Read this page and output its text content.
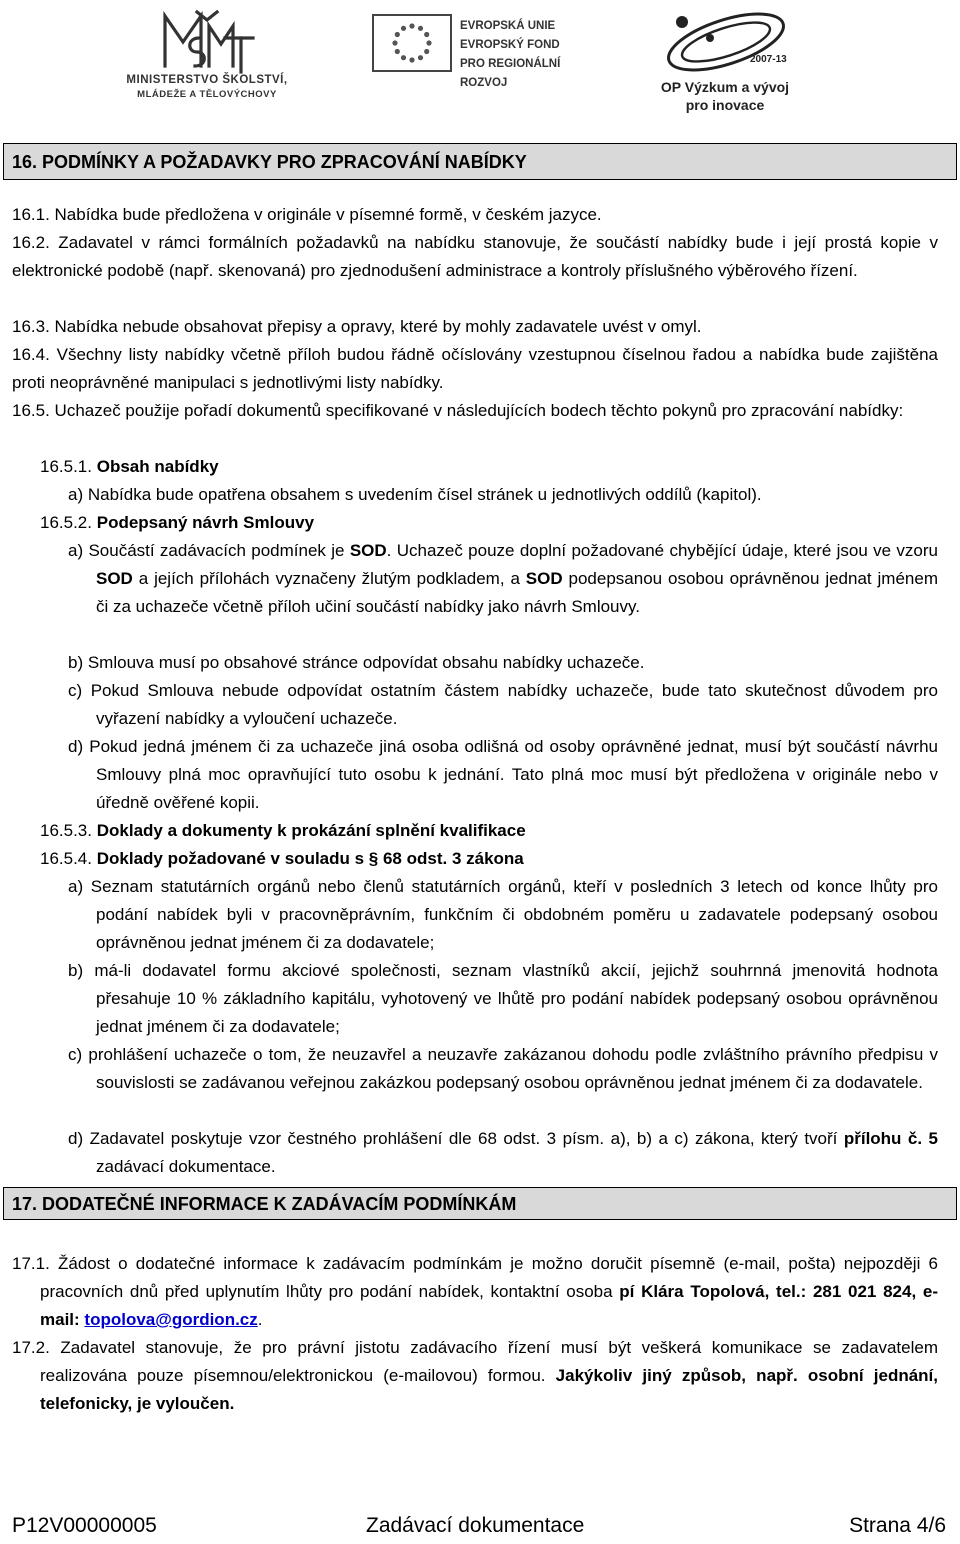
MINISTERSTVO ŠKOLSTVÍ,
MLÁDEŽE A TĚLOVÝCHOVY
EVROPSKÁ UNIE
EVROPSKÝ FOND
PRO REGIONÁLNÍ ROZVOJ
2007-13
OP Výzkum a vývoj
pro inovace
16. PODMÍNKY A POŽADAVKY PRO ZPRACOVÁNÍ NABÍDKY
16.1. Nabídka bude předložena v originále v písemné formě, v českém jazyce.
16.2. Zadavatel v rámci formálních požadavků na nabídku stanovuje, že součástí nabídky bude i její prostá kopie v elektronické podobě (např. skenovaná) pro zjednodušení administrace a kontroly příslušného výběrového řízení.
16.3. Nabídka nebude obsahovat přepisy a opravy, které by mohly zadavatele uvést v omyl.
16.4. Všechny listy nabídky včetně příloh budou řádně očíslovány vzestupnou číselnou řadou a nabídka bude zajištěna proti neoprávněné manipulaci s jednotlivými listy nabídky.
16.5. Uchazeč použije pořadí dokumentů specifikované v následujících bodech těchto pokynů pro zpracování nabídky:
16.5.1. Obsah nabídky
a) Nabídka bude opatřena obsahem s uvedením čísel stránek u jednotlivých oddílů (kapitol).
16.5.2. Podepsaný návrh Smlouvy
a) Součástí zadávacích podmínek je SOD. Uchazeč pouze doplní požadované chybějící údaje, které jsou ve vzoru SOD a jejích přílohách vyznačeny žlutým podkladem, a SOD podepsanou osobou oprávněnou jednat jménem či za uchazeče včetně příloh učiní součástí nabídky jako návrh Smlouvy.
b) Smlouva musí po obsahové stránce odpovídat obsahu nabídky uchazeče.
c) Pokud Smlouva nebude odpovídat ostatním částem nabídky uchazeče, bude tato skutečnost důvodem pro vyřazení nabídky a vyloučení uchazeče.
d) Pokud jedná jménem či za uchazeče jiná osoba odlišná od osoby oprávněné jednat, musí být součástí návrhu Smlouvy plná moc opravňující tuto osobu k jednání. Tato plná moc musí být předložena v originále nebo v úředně ověřené kopii.
16.5.3. Doklady a dokumenty k prokázání splnění kvalifikace
16.5.4. Doklady požadované v souladu s § 68 odst. 3 zákona
a) Seznam statutárních orgánů nebo členů statutárních orgánů, kteří v posledních 3 letech od konce lhůty pro podání nabídek byli v pracovněprávním, funkčním či obdobném poměru u zadavatele podepsaný osobou oprávněnou jednat jménem či za dodavatele;
b) má-li dodavatel formu akciové společnosti, seznam vlastníků akcií, jejichž souhrnná jmenovitá hodnota přesahuje 10 % základního kapitálu, vyhotovený ve lhůtě pro podání nabídek podepsaný osobou oprávněnou jednat jménem či za dodavatele;
c) prohlášení uchazeče o tom, že neuzavřel a neuzavře zakázanou dohodu podle zvláštního právního předpisu v souvislosti se zadávanou veřejnou zakázkou podepsaný osobou oprávněnou jednat jménem či za dodavatele.
d) Zadavatel poskytuje vzor čestného prohlášení dle 68 odst. 3 písm. a), b) a c) zákona, který tvoří přílohu č. 5 zadávací dokumentace.
17. DODATEČNÉ INFORMACE K ZADÁVACÍM PODMÍNKÁM
17.1. Žádost o dodatečné informace k zadávacím podmínkám je možno doručit písemně (e-mail, pošta) nejpozději 6 pracovních dnů před uplynutím lhůty pro podání nabídek, kontaktní osoba pí Klára Topolová, tel.: 281 021 824, e-mail: topolova@gordion.cz.
17.2. Zadavatel stanovuje, že pro právní jistotu zadávacího řízení musí být veškerá komunikace se zadavatelem realizována pouze písemnou/elektronickou (e-mailovou) formou. Jakýkoliv jiný způsob, např. osobní jednání, telefonicky, je vyloučen.
P12V00000005	Zadávací dokumentace	Strana 4/6
